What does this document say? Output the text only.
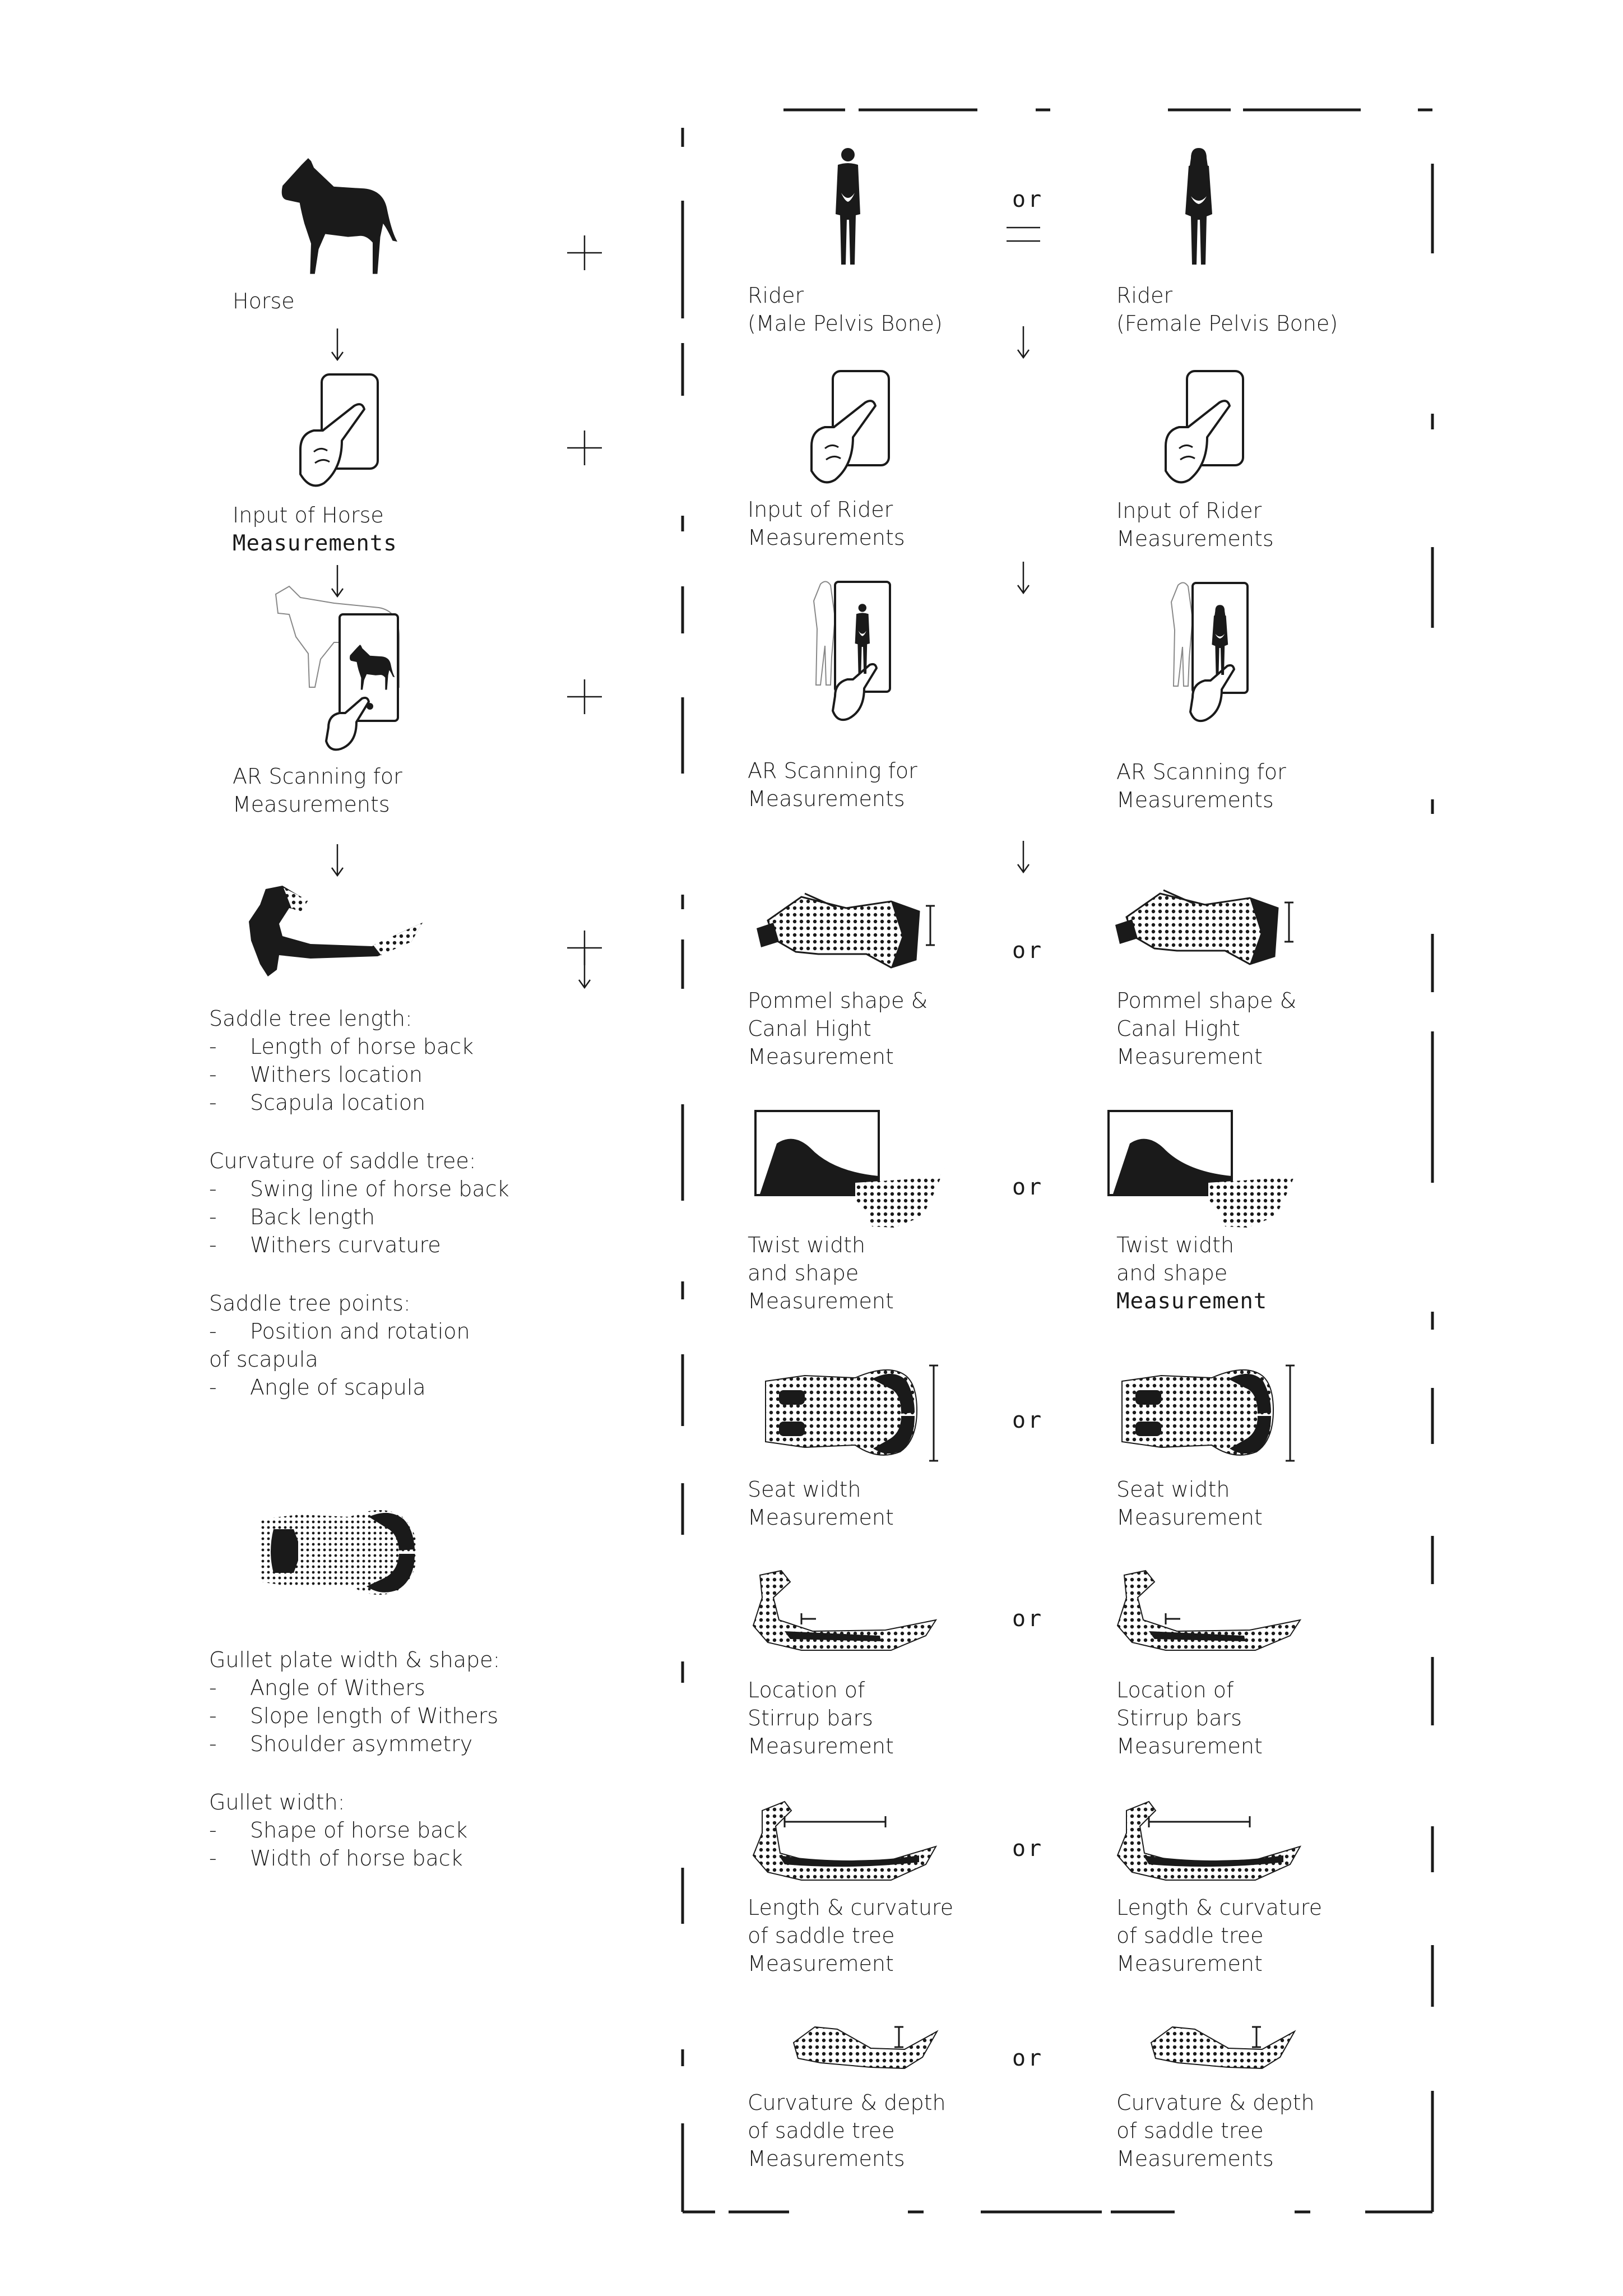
Horse
Input of Horse
Measurements
AR Scanning for
Measurements
Saddle tree length:
- Length of horse back
- Withers location
- Scapula location
Curvature of saddle tree:
- Swing line of horse back
- Back length
- Withers curvature
Saddle tree points:
- Position and rotation
of scapula
- Angle of scapula
Gullet plate width & shape:
- Angle of Withers
- Slope length of Withers
- Shoulder asymmetry
Gullet width:
- Shape of horse back
- Width of horse back
Rider
(Male Pelvis Bone)
Input of Rider
Measurements
AR Scanning for
Measurements
Pommel shape &
Canal Hight
Measurement
Twist width
and shape
Measurement
Seat width
Measurement
Location of
Stirrup bars
Measurement
Length & curvature
of saddle tree
Measurement
Curvature & depth
of saddle tree
Measurements
or
or
or
or
or
or
or
Rider
(Female Pelvis Bone)
Input of Rider
Measurements
AR Scanning for
Measurements
Pommel shape &
Canal Hight
Measurement
Twist width
and shape
Measurement
Seat width
Measurement
Location of
Stirrup bars
Measurement
Length & curvature
of saddle tree
Measurement
Curvature & depth
of saddle tree
Measurements
